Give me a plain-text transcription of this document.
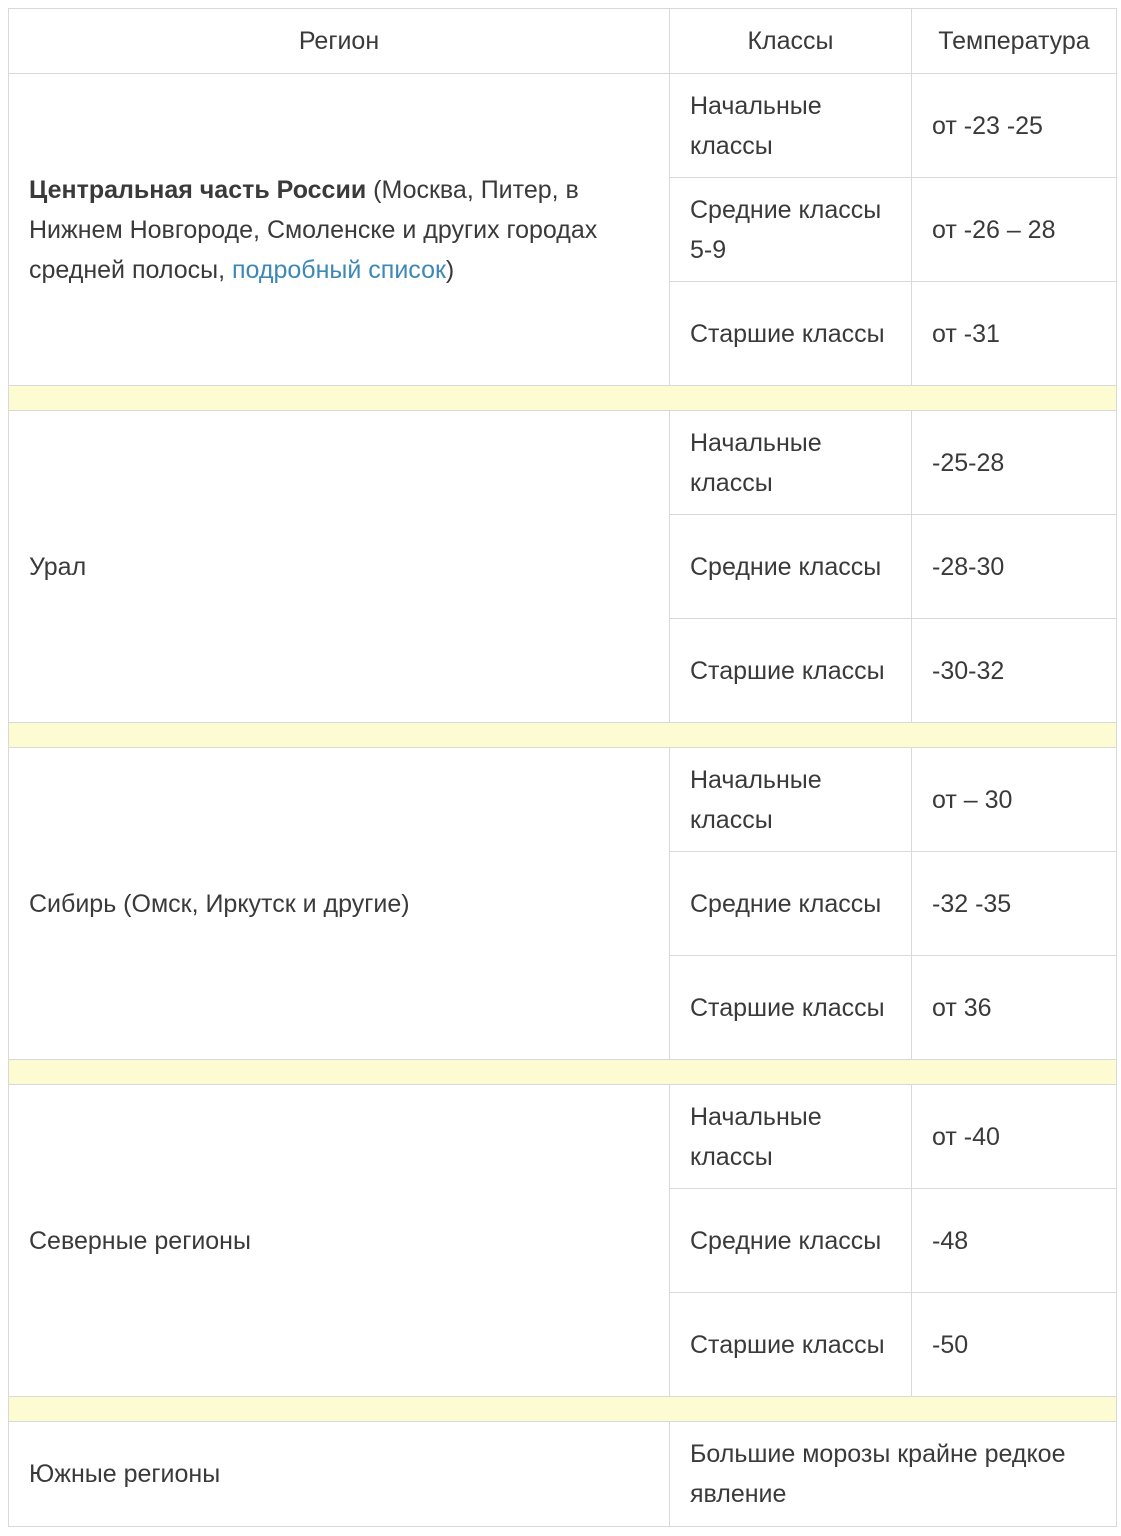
Регион	Классы	Температура
Центральная часть России (Москва, Питер, в Нижнем Новгороде, Смоленске и других городах средней полосы, подробный список)	Начальные классы	от -23 -25
	Средние классы 5-9	от -26 – 28
	Старшие классы	от -31

Урал	Начальные классы	-25-28
	Средние классы	-28-30
	Старшие классы	-30-32

Сибирь (Омск, Иркутск и другие)	Начальные классы	от – 30
	Средние классы	-32 -35
	Старшие классы	от 36

Северные регионы	Начальные классы	от -40
	Средние классы	-48
	Старшие классы	-50

Южные регионы	Большие морозы крайне редкое явление	
